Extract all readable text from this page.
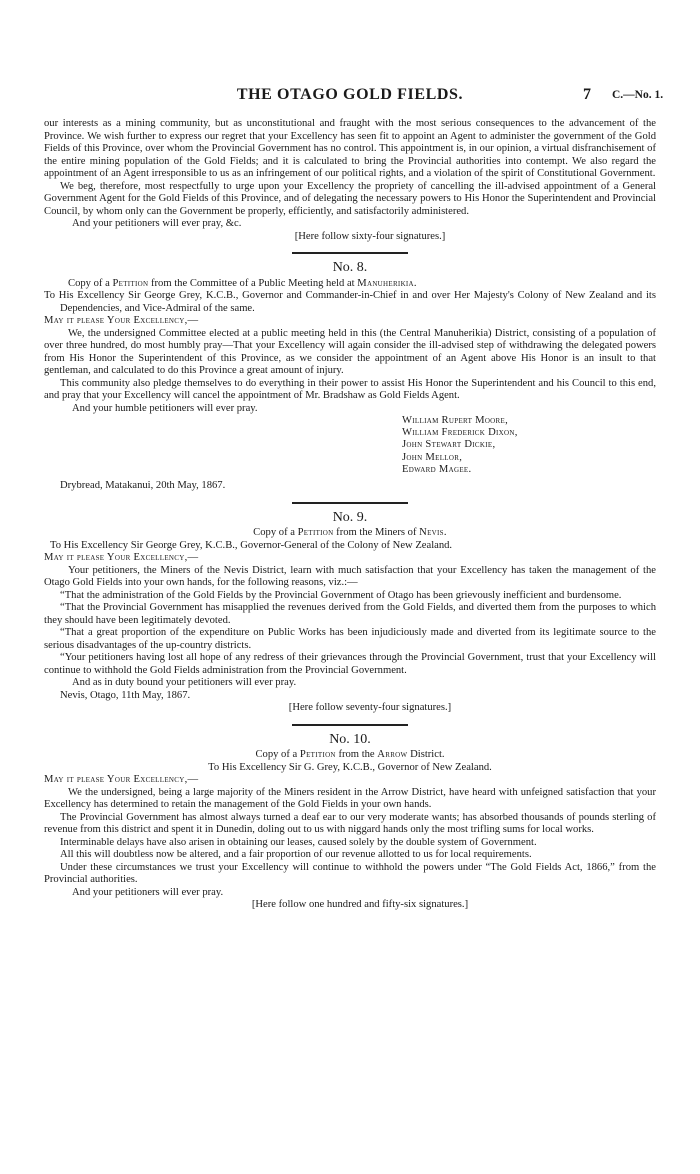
THE OTAGO GOLD FIELDS.	7 C.—No. 1.

our interests as a mining community, but as unconstitutional and fraught with the most serious consequences to the advancement of the Province. We wish further to express our regret that your Excellency has seen fit to appoint an Agent to administer the government of the Gold Fields of this Province, over whom the Provincial Government has no control. This appointment is, in our opinion, a virtual disfranchisement of the entire mining population of the Gold Fields; and it is calculated to bring the Provincial authorities into contempt. We also regard the appointment of an Agent irresponsible to us as an infringement of our political rights, and a violation of the spirit of Constitutional Government.

We beg, therefore, most respectfully to urge upon your Excellency the propriety of cancelling the ill-advised appointment of a General Government Agent for the Gold Fields of this Province, and of delegating the necessary powers to His Honor the Superintendent and Provincial Council, by whom only can the Government be properly, efficiently, and satisfactorily administered.

And your petitioners will ever pray, &c.

[Here follow sixty-four signatures.]

No. 8.

Copy of a Petition from the Committee of a Public Meeting held at Manuherikia.

To His Excellency Sir George Grey, K.C.B., Governor and Commander-in-Chief in and over Her Majesty's Colony of New Zealand and its Dependencies, and Vice-Admiral of the same.

May it please Your Excellency,—

We, the undersigned Committee elected at a public meeting held in this (the Central Manuherikia) District, consisting of a population of over three hundred, do most humbly pray—That your Excellency will again consider the ill-advised step of withdrawing the delegated powers from His Honor the Superintendent of this Province, as we consider the appointment of an Agent above His Honor is an insult to that gentleman, and calculated to do this Province a great amount of injury.

This community also pledge themselves to do everything in their power to assist His Honor the Superintendent and his Council to this end, and pray that your Excellency will cancel the appointment of Mr. Bradshaw as Gold Fields Agent.

And your humble petitioners will ever pray.

William Rupert Moore,
William Frederick Dixon,
John Stewart Dickie,
John Mellor,
Edward Magee.

Drybread, Matakanui, 20th May, 1867.

No. 9.

Copy of a Petition from the Miners of Nevis.

To His Excellency Sir George Grey, K.C.B., Governor-General of the Colony of New Zealand.

May it please Your Excellency,—

Your petitioners, the Miners of the Nevis District, learn with much satisfaction that your Excellency has taken the management of the Otago Gold Fields into your own hands, for the following reasons, viz.:—

“That the administration of the Gold Fields by the Provincial Government of Otago has been grievously inefficient and burdensome.

“That the Provincial Government has misapplied the revenues derived from the Gold Fields, and diverted them from the purposes to which they should have been legitimately devoted.

“That a great proportion of the expenditure on Public Works has been injudiciously made and diverted from its legitimate source to the serious disadvantages of the up-country districts.

“Your petitioners having lost all hope of any redress of their grievances through the Provincial Government, trust that your Excellency will continue to withhold the Gold Fields administration from the Provincial Government.

And as in duty bound your petitioners will ever pray.

Nevis, Otago, 11th May, 1867.

[Here follow seventy-four signatures.]

No. 10.

Copy of a Petition from the Arrow District.

To His Excellency Sir G. Grey, K.C.B., Governor of New Zealand.

May it please Your Excellency,—

We the undersigned, being a large majority of the Miners resident in the Arrow District, have heard with unfeigned satisfaction that your Excellency has determined to retain the management of the Gold Fields in your own hands.

The Provincial Government has almost always turned a deaf ear to our very moderate wants; has absorbed thousands of pounds sterling of revenue from this district and spent it in Dunedin, doling out to us with niggard hands only the most trifling sums for local works.

Interminable delays have also arisen in obtaining our leases, caused solely by the double system of Government.

All this will doubtless now be altered, and a fair proportion of our revenue allotted to us for local requirements.

Under these circumstances we trust your Excellency will continue to withhold the powers under “The Gold Fields Act, 1866,” from the Provincial authorities.

And your petitioners will ever pray.

[Here follow one hundred and fifty-six signatures.]
